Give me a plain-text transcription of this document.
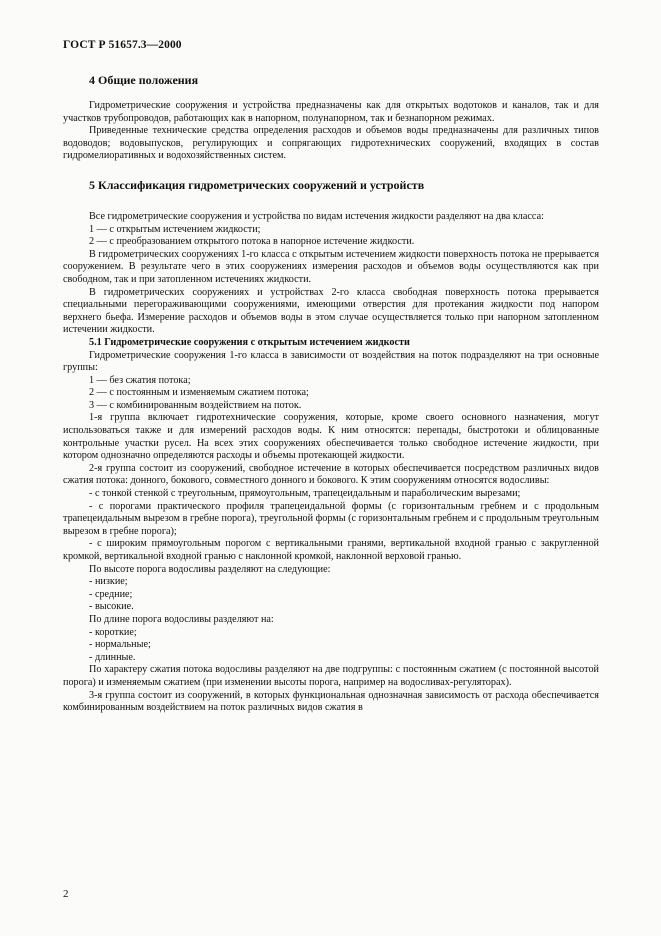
ГОСТ Р 51657.3—2000
4 Общие положения

Гидрометрические сооружения и устройства предназначены как для открытых водотоков и каналов, так и для участков трубопроводов, работающих как в напорном, полунапорном, так и безнапорном режимах.

Приведенные технические средства определения расходов и объемов воды предназначены для различных типов водоводов; водовыпусков, регулирующих и сопрягающих гидротехнических сооружений, входящих в состав гидромелиоративных и водохозяйственных систем.

5 Классификация гидрометрических сооружений и устройств

Все гидрометрические сооружения и устройства по видам истечения жидкости разделяют на два класса:

1 — с открытым истечением жидкости;

2 — с преобразованием открытого потока в напорное истечение жидкости.

В гидрометрических сооружениях 1-го класса с открытым истечением жидкости поверхность потока не прерывается сооружением. В результате чего в этих сооружениях измерения расходов и объемов воды осуществляются как при свободном, так и при затопленном истечениях жидкости.

В гидрометрических сооружениях и устройствах 2-го класса свободная поверхность потока прерывается специальными перегораживающими сооружениями, имеющими отверстия для протекания жидкости под напором верхнего бьефа. Измерение расходов и объемов воды в этом случае осуществляется только при напорном затопленном истечении жидкости.

5.1 Гидрометрические сооружения с открытым истечением жидкости

Гидрометрические сооружения 1-го класса в зависимости от воздействия на поток подразделяют на три основные группы:

1 — без сжатия потока;

2 — с постоянным и изменяемым сжатием потока;

3 — с комбинированным воздействием на поток.

1-я группа включает гидротехнические сооружения, которые, кроме своего основного назначения, могут использоваться также и для измерений расходов воды. К ним относятся: перепады, быстротоки и облицованные контрольные участки русел. На всех этих сооружениях обеспечивается только свободное истечение жидкости, при котором однозначно определяются расходы и объемы протекающей жидкости.

2-я группа состоит из сооружений, свободное истечение в которых обеспечивается посредством различных видов сжатия потока: донного, бокового, совместного донного и бокового. К этим сооружениям относятся водосливы:

- с тонкой стенкой с треугольным, прямоугольным, трапецеидальным и параболическим вырезами;

- с порогами практического профиля трапецеидальной формы (с горизонтальным гребнем и с продольным трапецеидальным вырезом в гребне порога), треугольной формы (с горизонтальным гребнем и с продольным треугольным вырезом в гребне порога);

- с широким прямоугольным порогом с вертикальными гранями, вертикальной входной гранью с закругленной кромкой, вертикальной входной гранью с наклонной кромкой, наклонной верховой гранью.

По высоте порога водосливы разделяют на следующие:

- низкие;

- средние;

- высокие.

По длине порога водосливы разделяют на:

- короткие;

- нормальные;

- длинные.

По характеру сжатия потока водосливы разделяют на две подгруппы: с постоянным сжатием (с постоянной высотой порога) и изменяемым сжатием (при изменении высоты порога, например на водосливах-регуляторах).

3-я группа состоит из сооружений, в которых функциональная однозначная зависимость от расхода обеспечивается комбинированным воздействием на поток различных видов сжатия в

2
